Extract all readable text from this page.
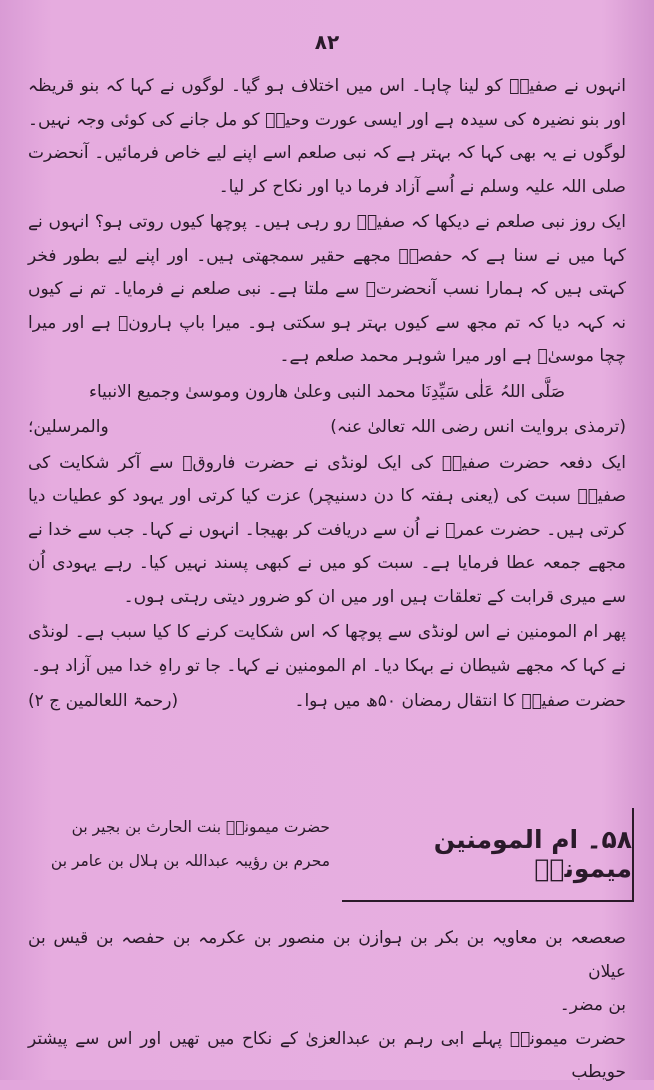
۸۲

انہوں نے صفیہؓ کو لینا چاہا۔ اس میں اختلاف ہو گیا۔ لوگوں نے کہا کہ بنو قریظہ اور بنو نضیرہ کی سیدہ ہے اور ایسی عورت وحیہؓ کو مل جانے کی کوئی وجہ نہیں۔ لوگوں نے یہ بھی کہا کہ بہتر ہے کہ نبی صلعم اسے اپنے لیے خاص فرمائیں۔ آنحضرت صلی اللہ علیہ وسلم نے اُسے آزاد فرما دیا اور نکاح کر لیا۔

ایک روز نبی صلعم نے دیکھا کہ صفیہؓ رو رہی ہیں۔ پوچھا کیوں روتی ہو؟ انہوں نے کہا میں نے سنا ہے کہ حفصہؓ مجھے حقیر سمجھتی ہیں۔ اور اپنے لیے بطور فخر کہتی ہیں کہ ہمارا نسب آنحضرتؐ سے ملتا ہے۔ نبی صلعم نے فرمایا۔ تم نے کیوں نہ کہہ دیا کہ تم مجھ سے کیوں بہتر ہو سکتی ہو۔ میرا باپ ہارونؑ ہے اور میرا چچا موسیٰؑ ہے اور میرا شوہر محمد صلعم ہے۔

صَلَّی اللہُ عَلٰی سَیِّدِنَا محمد النبی وعلیٰ ھارون وموسیٰ وجمیع الانبیاء

(ترمذی بروایت انس رضی اللہ تعالیٰ عنہ)
والمرسلین؛

ایک دفعہ حضرت صفیہؓ کی ایک لونڈی نے حضرت فاروقؓ سے آکر شکایت کی صفیہؓ سبت کی (یعنی ہفتہ کا دن دسنیچر) عزت کیا کرتی اور یہود کو عطیات دیا کرتی ہیں۔ حضرت عمرؓ نے اُن سے دریافت کر بھیجا۔ انہوں نے کہا۔ جب سے خدا نے مجھے جمعہ عطا فرمایا ہے۔ سبت کو میں نے کبھی پسند نہیں کیا۔ رہے یہودی اُن سے میری قرابت کے تعلقات ہیں اور میں ان کو ضرور دیتی رہتی ہوں۔

پھر ام المومنین نے اس لونڈی سے پوچھا کہ اس شکایت کرنے کا کیا سبب ہے۔ لونڈی نے کہا کہ مجھے شیطان نے بہکا دیا۔ ام المومنین نے کہا۔ جا تو راہِ خدا میں آزاد ہو۔

حضرت صفیہؓ کا انتقال رمضان ۵۰ھ میں ہوا۔
(رحمۃ اللعالمین ج ۲)

۵۸۔ ام المومنین میمونہؓ
حضرت میمونہؓ بنت الحارث بن بجیر بن
محرم بن رؤیبہ عبداللہ بن ہلال بن عامر بن

صعصعہ بن معاویہ بن بکر بن ہوازن بن منصور بن عکرمہ بن حفصہ بن قیس بن عیلان

بن مضر۔

حضرت میمونہؓ پہلے ابی رہم بن عبدالعزیٰ کے نکاح میں تھیں اور اس سے پیشتر حویطب
